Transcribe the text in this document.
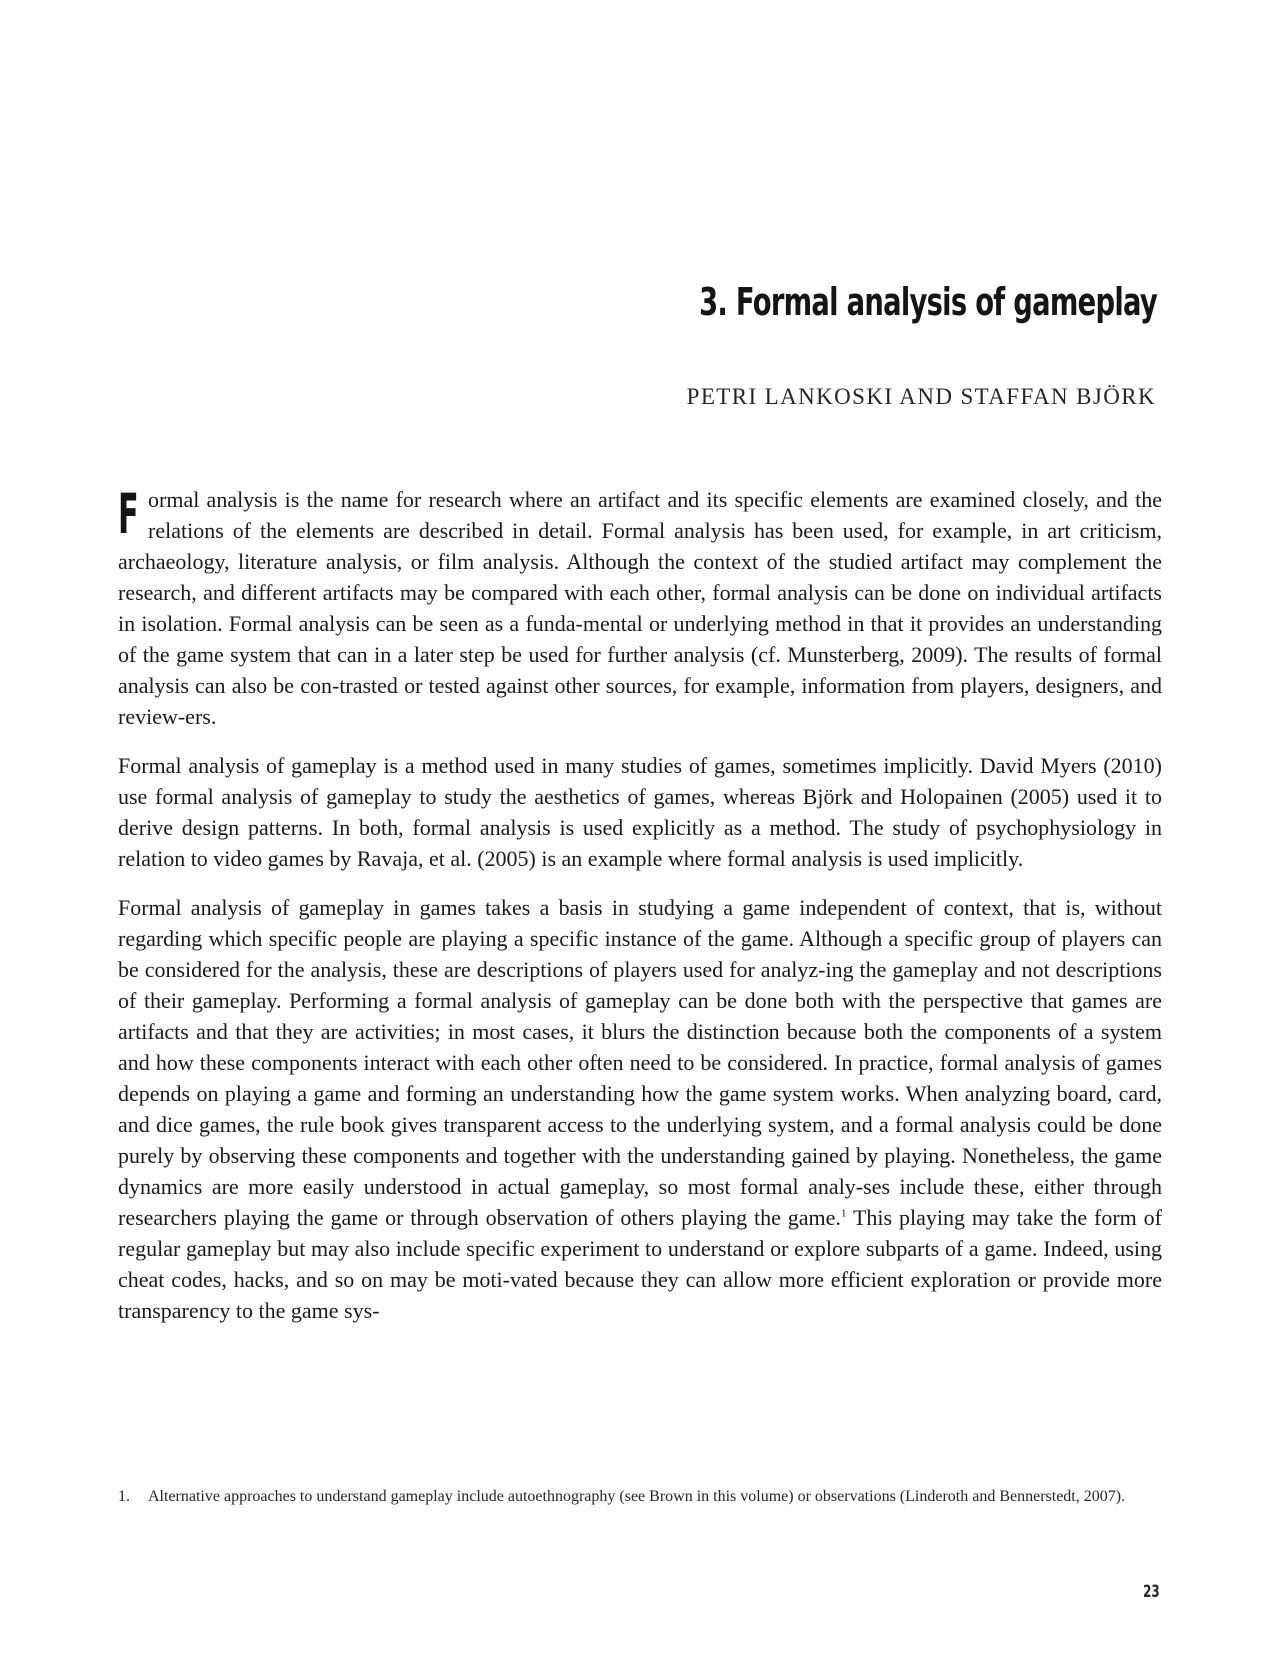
3. Formal analysis of gameplay

PETRI LANKOSKI AND STAFFAN BJÖRK

Formal analysis is the name for research where an artifact and its specific elements are examined closely, and the relations of the elements are described in detail. Formal analysis has been used, for example, in art criticism, archaeology, literature analysis, or film analysis. Although the context of the studied artifact may complement the research, and different artifacts may be compared with each other, formal analysis can be done on individual artifacts in isolation. Formal analysis can be seen as a funda-mental or underlying method in that it provides an understanding of the game system that can in a later step be used for further analysis (cf. Munsterberg, 2009). The results of formal analysis can also be con-trasted or tested against other sources, for example, information from players, designers, and review-ers.

Formal analysis of gameplay is a method used in many studies of games, sometimes implicitly. David Myers (2010) use formal analysis of gameplay to study the aesthetics of games, whereas Björk and Holopainen (2005) used it to derive design patterns. In both, formal analysis is used explicitly as a method. The study of psychophysiology in relation to video games by Ravaja, et al. (2005) is an example where formal analysis is used implicitly.

Formal analysis of gameplay in games takes a basis in studying a game independent of context, that is, without regarding which specific people are playing a specific instance of the game. Although a specific group of players can be considered for the analysis, these are descriptions of players used for analyz-ing the gameplay and not descriptions of their gameplay. Performing a formal analysis of gameplay can be done both with the perspective that games are artifacts and that they are activities; in most cases, it blurs the distinction because both the components of a system and how these components interact with each other often need to be considered. In practice, formal analysis of games depends on playing a game and forming an understanding how the game system works. When analyzing board, card, and dice games, the rule book gives transparent access to the underlying system, and a formal analysis could be done purely by observing these components and together with the understanding gained by playing. Nonetheless, the game dynamics are more easily understood in actual gameplay, so most formal analy-ses include these, either through researchers playing the game or through observation of others playing the game.$^1$ This playing may take the form of regular gameplay but may also include specific experiment to understand or explore subparts of a game. Indeed, using cheat codes, hacks, and so on may be moti-vated because they can allow more efficient exploration or provide more transparency to the game sys-

1. Alternative approaches to understand gameplay include autoethnography (see Brown in this volume) or observations (Linderoth and Bennerstedt, 2007).

23
